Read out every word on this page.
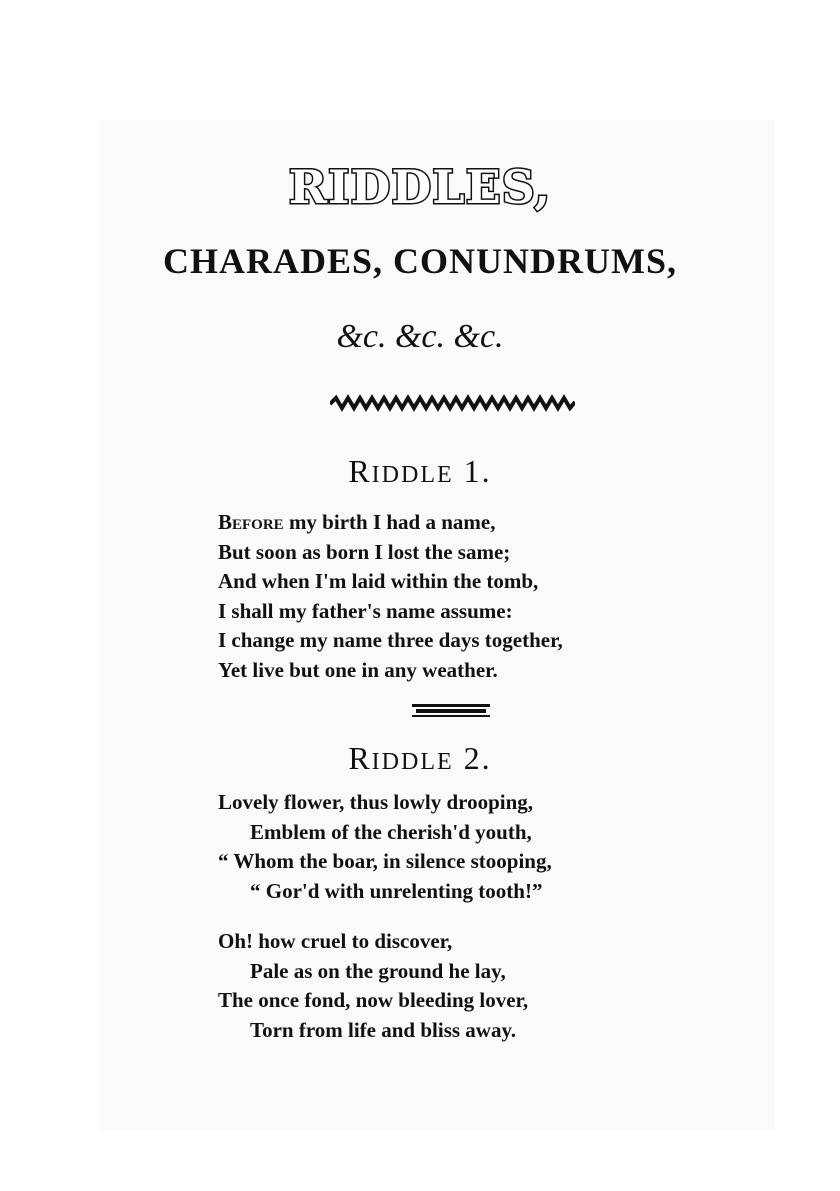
RIDDLES,
CHARADES, CONUNDRUMS,
&c. &c. &c.
RIDDLE 1.
Before my birth I had a name,
But soon as born I lost the same;
And when I'm laid within the tomb,
I shall my father's name assume:
I change my name three days together,
Yet live but one in any weather.
RIDDLE 2.
Lovely flower, thus lowly drooping,
Emblem of the cherish'd youth,
“ Whom the boar, in silence stooping,
“ Gor'd with unrelenting tooth!”
Oh! how cruel to discover,
Pale as on the ground he lay,
The once fond, now bleeding lover,
Torn from life and bliss away.
